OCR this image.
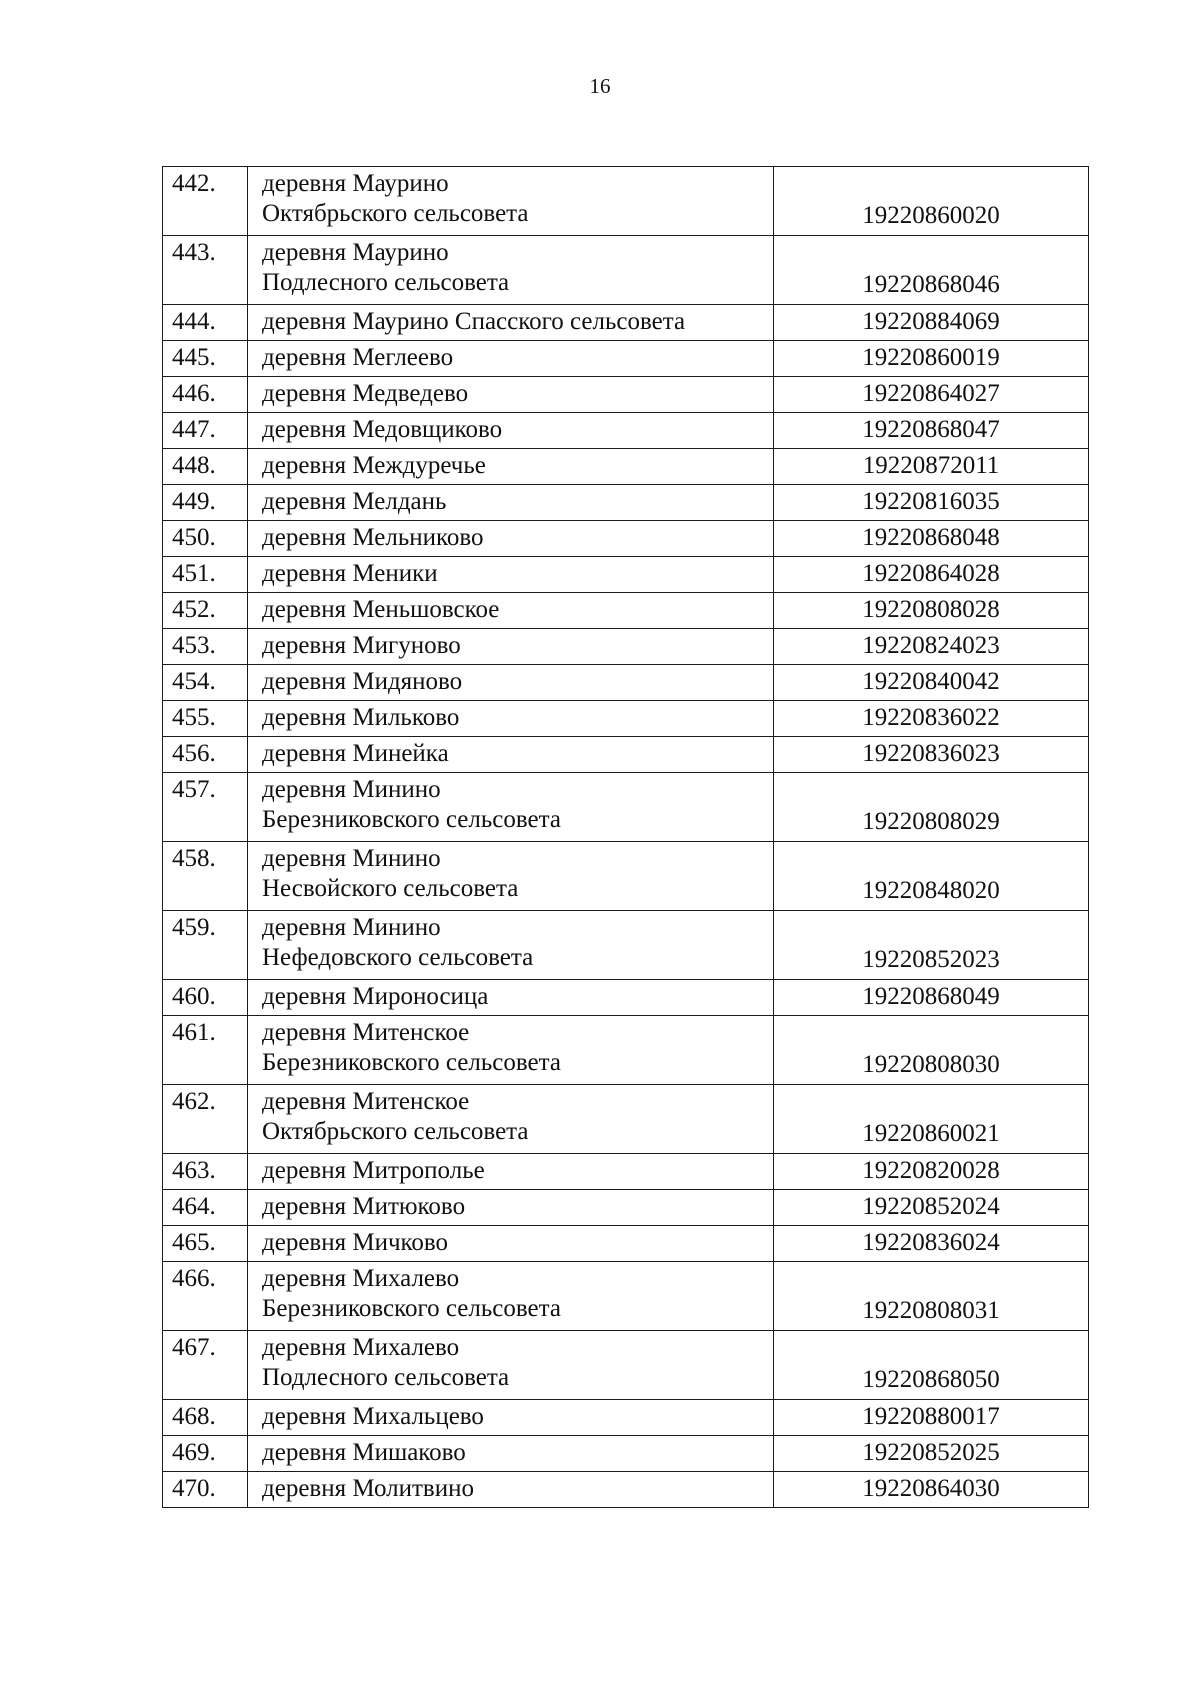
16
442.	деревня Маурино
Октябрьского сельсовета	19220860020
443.	деревня Маурино
Подлесного сельсовета	19220868046
444.	деревня Маурино Спасского сельсовета	19220884069
445.	деревня Меглеево	19220860019
446.	деревня Медведево	19220864027
447.	деревня Медовщиково	19220868047
448.	деревня Междуречье	19220872011
449.	деревня Мелдань	19220816035
450.	деревня Мельниково	19220868048
451.	деревня Меники	19220864028
452.	деревня Меньшовское	19220808028
453.	деревня Мигуново	19220824023
454.	деревня Мидяново	19220840042
455.	деревня Мильково	19220836022
456.	деревня Минейка	19220836023
457.	деревня Минино
Березниковского сельсовета	19220808029
458.	деревня Минино
Несвойского сельсовета	19220848020
459.	деревня Минино
Нефедовского сельсовета	19220852023
460.	деревня Мироносица	19220868049
461.	деревня Митенское
Березниковского сельсовета	19220808030
462.	деревня Митенское
Октябрьского сельсовета	19220860021
463.	деревня Митрополье	19220820028
464.	деревня Митюково	19220852024
465.	деревня Мичково	19220836024
466.	деревня Михалево
Березниковского сельсовета	19220808031
467.	деревня Михалево
Подлесного сельсовета	19220868050
468.	деревня Михальцево	19220880017
469.	деревня Мишаково	19220852025
470.	деревня Молитвино	19220864030
